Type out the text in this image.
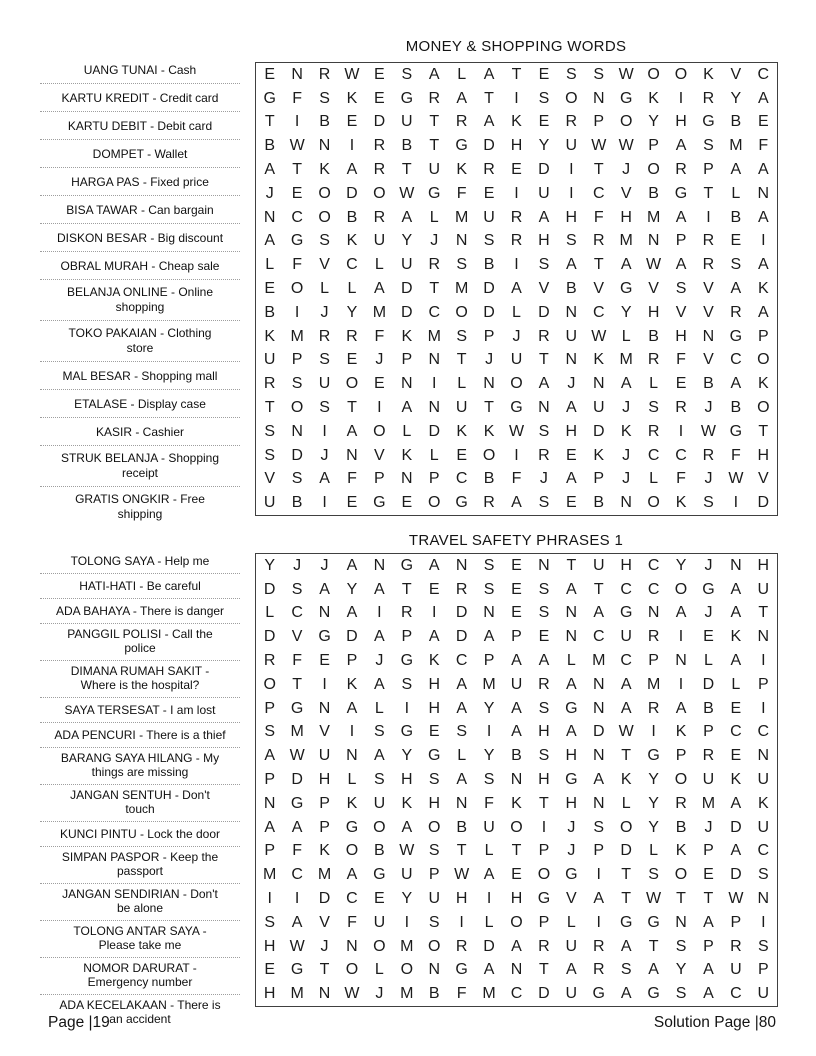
MONEY & SHOPPING WORDS
UANG TUNAI - Cash
KARTU KREDIT - Credit card
KARTU DEBIT - Debit card
DOMPET - Wallet
HARGA PAS - Fixed price
BISA TAWAR - Can bargain
DISKON BESAR - Big discount
OBRAL MURAH - Cheap sale
BELANJA ONLINE - Online shopping
TOKO PAKAIAN - Clothing store
MAL BESAR - Shopping mall
ETALASE - Display case
KASIR - Cashier
STRUK BELANJA - Shopping receipt
GRATIS ONGKIR - Free shipping
E	N R W E	S	A	L	A	T	E	S	S W O O K	V	C
G	F	S	K	E G R	A	T	I	S O N G K	I	R	Y	A
T	I	B	E	D U	T	R	A	K	E	R	P O Y	H G B	E
B W N	I	R	B	T	G D H	Y	U W W P	A	S M F
A	T	K	A	R	T	U	K	R	E	D	I	T	J	O R	P	A	A
J	E O D O W G	F	E	I	U	I	C	V	B G	T	L	N
N C O B	R	A	L	M U R	A	H	F	H M A	I	B	A
A G S	K	U	Y	J	N	S	R H	S	R M N	P	R	E	I
L	F	V	C	L	U R	S	B	I	S	A	T	A W A	R	S	A
E O	L	L	A	D	T M D	A	V	B	V G V	S	V	A	K
B	I	J	Y M D C O D	L	D N C	Y	H	V	V	R	A
K M R R	F	K M S	P	J	R U W L	B	H N G P
U	P	S	E	J	P	N	T	J	U	T	N	K M R	F	V	C O
R	S	U O E	N	I	L	N O A	J	N	A	L	E	B	A	K
T	O S	T	I	A	N U	T	G N	A	U	J	S	R	J	B O
S	N	I	A O	L	D	K	K W S	H D	K	R	I	W G	T
S	D	J	N	V	K	L	E O	I	R	E	K	J	C C R	F	H
V	S	A	F	P	N	P	C	B	F	J	A	P	J	L	F	J W V
U	B	I	E G E O G R	A	S	E	B	N O K	S	I	D
TRAVEL SAFETY PHRASES 1
TOLONG SAYA - Help me
HATI-HATI - Be careful
ADA BAHAYA - There is danger
PANGGIL POLISI - Call the police
DIMANA RUMAH SAKIT - Where is the hospital?
SAYA TERSESAT - I am lost
ADA PENCURI - There is a thief
BARANG SAYA HILANG - My things are missing
JANGAN SENTUH - Don't touch
KUNCI PINTU - Lock the door
SIMPAN PASPOR - Keep the passport
JANGAN SENDIRIAN - Don't be alone
TOLONG ANTAR SAYA - Please take me
NOMOR DARURAT - Emergency number
ADA KECELAKAAN - There is an accident
Y	J	J	A	N G A	N	S	E	N	T	U H C	Y	J	N H
D	S	A	Y	A	T	E	R	S	E	S	A	T	C C O G A	U
L	C N	A	I	R	I	D N	E	S	N	A G N	A	J	A	T
D	V G D	A	P	A	D	A	P	E	N C U R	I	E	K	N
R	F	E	P	J	G K	C	P	A	A	L	M C	P	N	L	A	I
O	T	I	K	A	S	H	A M U R	A	N	A M	I	D	L	P
P G N	A	L	I	H	A	Y	A	S G N	A	R	A	B	E	I
S M V	I	S G E	S	I	A	H	A	D W	I	K	P	C C
A W U N	A	Y G	L	Y	B	S	H N	T	G P	R	E	N
P	D H	L	S	H	S	A	S	N H G A	K	Y O U	K	U
N G P	K	U	K	H N	F	K	T	H N	L	Y	R M A	K
A	A	P G O A O B	U O	I	J	S O Y	B	J	D U
P	F	K O B W S	T	L	T	P	J	P	D	L	K	P	A	C
M C M A G U	P W A	E O G	I	T	S O E	D	S
I	I	D C	E	Y	U H	I	H G V	A	T W T	T W N
S	A	V	F	U	I	S	I	L	O P	L	I	G G N	A	P	I
H W J	N O M O R D	A	R U R	A	T	S	P	R	S
E G	T	O	L	O N G A	N	T	A	R	S	A	Y	A	U	P
H M N W J	M B	F M C D U G A G S	A	C U
Page |19	Solution Page |80
